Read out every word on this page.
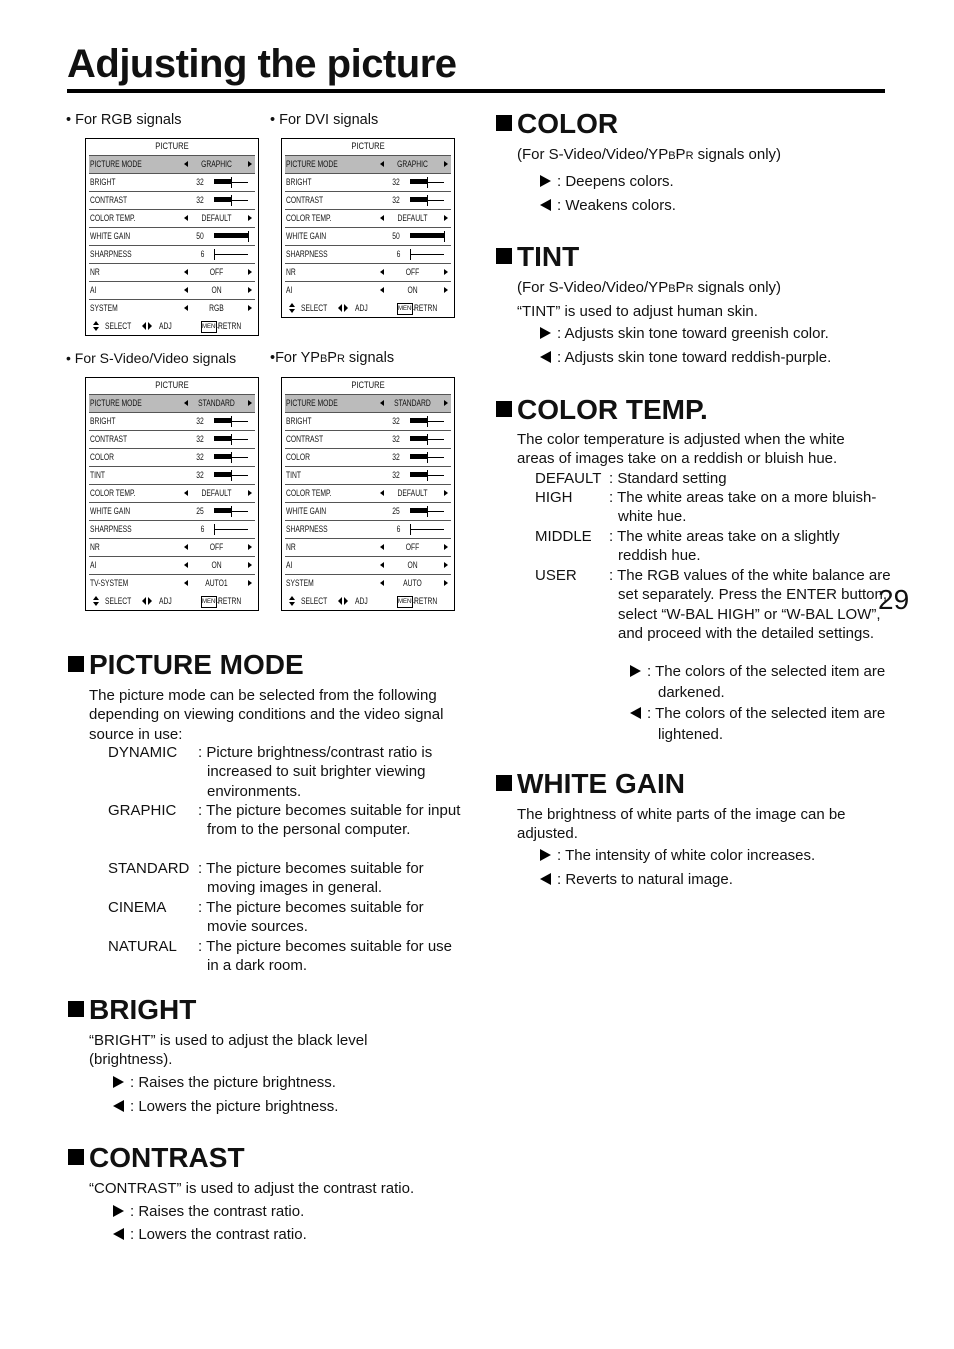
Adjusting the picture
• For RGB signals	• For DVI signals
• For S-Video/Video signals •For YPBPR signals
PICTURE
PICTURE MODE	GRAPHIC
BRIGHT	32
CONTRAST	32
COLOR TEMP.	DEFAULT
WHITE GAIN	50
SHARPNESS	6
NR	OFF
AI	ON
SYSTEM	RGB
SELECT	ADJ	MENU
RETRN
PICTURE
PICTURE MODE	GRAPHIC
BRIGHT	32
CONTRAST	32
COLOR TEMP.	DEFAULT
WHITE GAIN	50
SHARPNESS	6
NR	OFF
AI	ON
SELECT	ADJ	MENU
RETRN
PICTURE
PICTURE MODE	STANDARD
BRIGHT	32
CONTRAST	32
COLOR	32
TINT	32
COLOR TEMP.	DEFAULT
WHITE GAIN	25
SHARPNESS	6
NR	OFF
AI	ON
TV-SYSTEM	AUTO1
SELECT	ADJ	MENU
RETRN
PICTURE
PICTURE MODE	STANDARD
BRIGHT	32
CONTRAST	32
COLOR	32
TINT	32
COLOR TEMP.	DEFAULT
WHITE GAIN	25
SHARPNESS	6
NR	OFF
AI	ON
SYSTEM	AUTO
SELECT	ADJ	MENU
RETRN
PICTURE MODE
The picture mode can be selected from the following depending on viewing conditions and the video signal source in use:
DYNAMIC : Picture brightness/contrast ratio is increased to suit brighter viewing environments.
GRAPHIC : The picture becomes suitable for input from to the personal computer.
STANDARD : The picture becomes suitable for moving images in general.
CINEMA : The picture becomes suitable for movie sources.
NATURAL : The picture becomes suitable for use in a dark room.
BRIGHT
“BRIGHT” is used to adjust the black level (brightness).
: Raises the picture brightness.
: Lowers the picture brightness.
CONTRAST
“CONTRAST” is used to adjust the contrast ratio.
: Raises the contrast ratio.
: Lowers the contrast ratio.
COLOR
(For S-Video/Video/YPBPR signals only)
: Deepens colors.
: Weakens colors.
TINT
(For S-Video/Video/YPBPR signals only)
“TINT” is used to adjust human skin.
: Adjusts skin tone toward greenish color.
: Adjusts skin tone toward reddish-purple.
COLOR TEMP.
The color temperature is adjusted when the white areas of images take on a reddish or bluish hue.
DEFAULT : Standard setting
HIGH : The white areas take on a more bluish-white hue.
MIDDLE : The white areas take on a slightly reddish hue.
USER : The RGB values of the white balance are set separately. Press the ENTER button, select “W-BAL HIGH” or “W-BAL LOW”, and proceed with the detailed settings.
: The colors of the selected item are darkened.
: The colors of the selected item are lightened.
WHITE GAIN
The brightness of white parts of the image can be adjusted.
: The intensity of white color increases.
: Reverts to natural image.
29
